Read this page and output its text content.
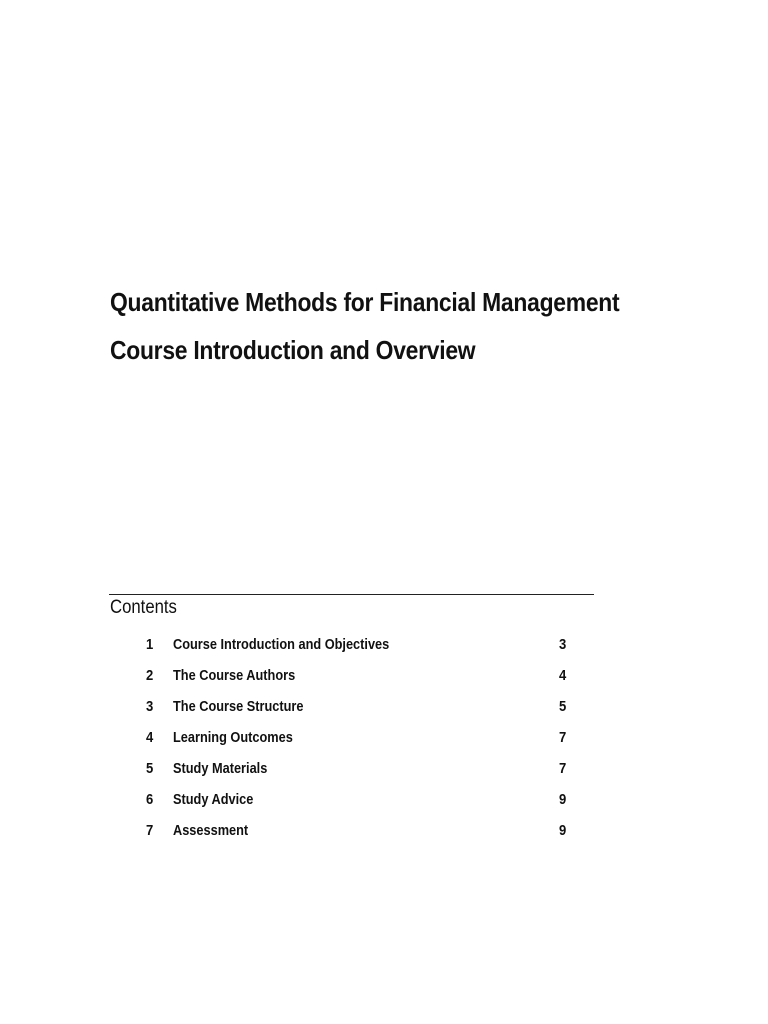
Quantitative Methods for Financial Management
Course Introduction and Overview
Contents
1 Course Introduction and Objectives	3
2 The Course Authors	4
3 The Course Structure	5
4 Learning Outcomes	7
5 Study Materials	7
6 Study Advice	9
7 Assessment	9
